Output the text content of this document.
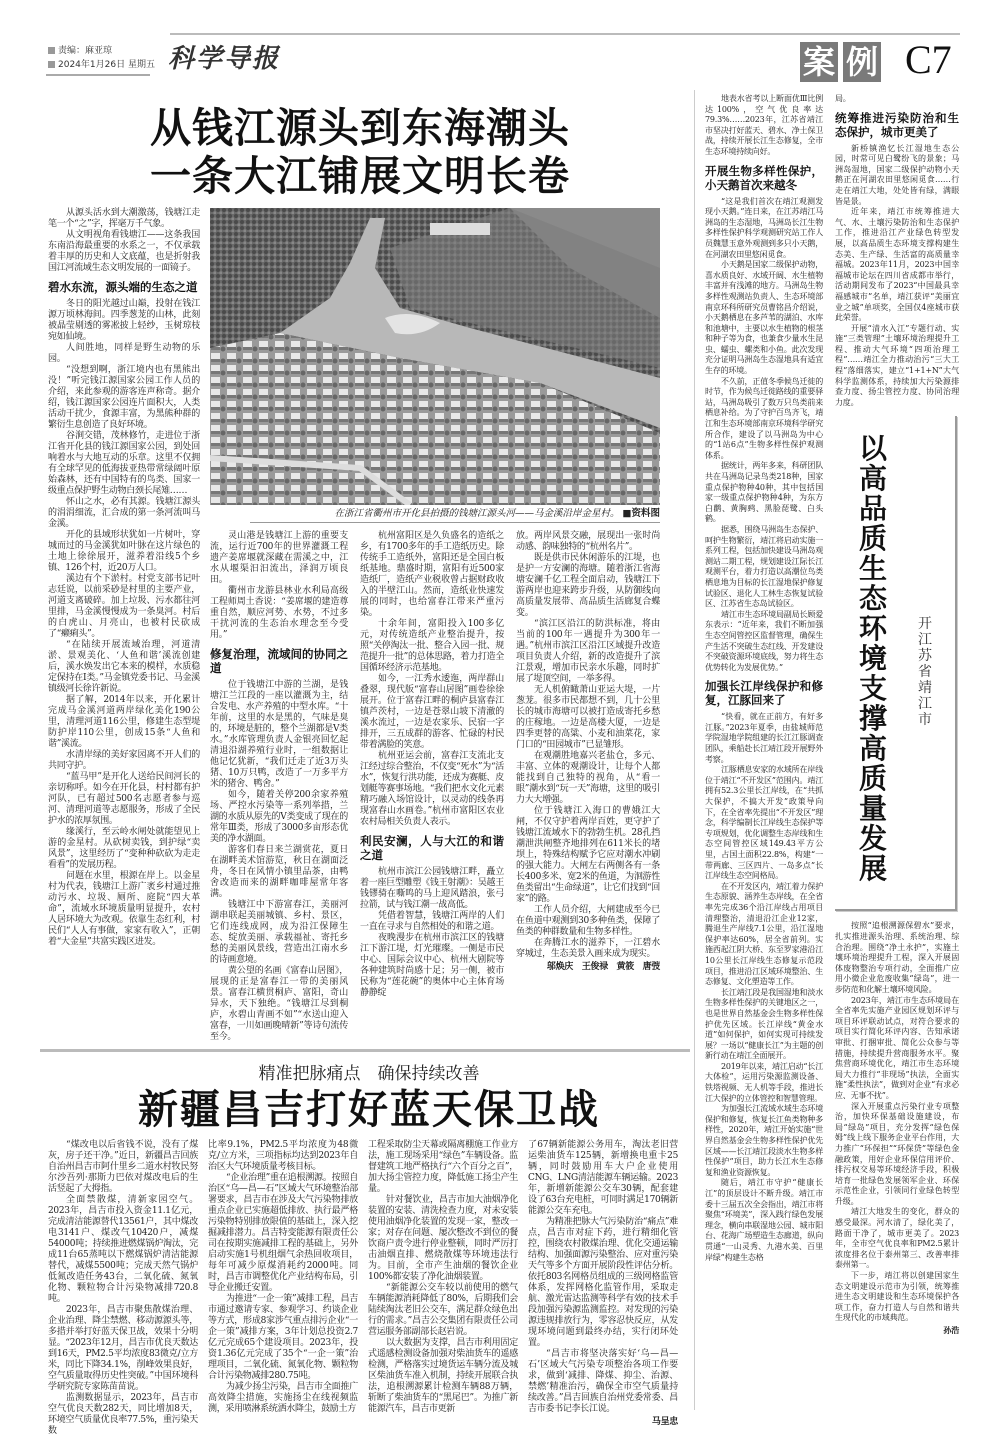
责编：麻亚琼
2024年1月26日 星期五 科学导报	案 例 C7
从钱江源头到东海潮头
一条大江铺展文明长卷

从源头活水到大潮激荡，钱塘江走笔一个“之”字，挥毫万千气象。

从文明视角看钱塘江——这条我国东南沿海最重要的水系之一，不仅承载着丰厚的历史和人文底蕴，也是折射我国江河流域生态文明发展的一面镜子。

碧水东流，源头端的生态之道

冬日的阳光越过山巅，投射在钱江源万顷林海间。四季葱茏的山林，此刻被晶莹剔透的雾凇披上轻纱，玉树琼枝宛如仙境。

人间胜地，同样是野生动物的乐园。

“没想到啊，浙江境内也有黑熊出没！”听完钱江源国家公园工作人员的介绍，来此参观的游客连声称奇。据介绍，钱江源国家公园连片面积大，人类活动干扰少，食源丰富，为黑熊种群的繁衍生息创造了良好环境。

谷涧交错，茂林修竹，走进位于浙江省开化县的钱江源国家公园，到处回响着水与大地互动的乐章。这里不仅拥有全球罕见的低海拔亚热带常绿阔叶原始森林，还有中国特有的鸟类、国家一级重点保护野生动物白颈长尾雉……

怀山之水，必有其源。钱塘江源头的涓涓细流，汇合成的第一条河流叫马金溪。

开化的县域形状犹如一片树叶，穿城而过的马金溪犹如叶脉在这片绿色的土地上徐徐展开，滋养着沿线5个乡镇、126个村，近20万人口。

溪边有个下淤村。村党支部书记叶志廷说，以前采砂是村里的主要产业，河道支离破碎。加上垃圾、污水都往河里排，马金溪慢慢成为一条臭河。村后的白虎山、月亮山，也被村民砍成了“癞痢头”。

“在陆续开展流域治理，河道清淤、景观美化、‘人鱼和谐’溪流创建后，溪水焕发出它本来的模样，水质稳定保持在Ⅰ类。”马金镇党委书记、马金溪镇级河长徐许新说。

据了解，2014年以来，开化累计完成马金溪河道两岸绿化美化190公里，清理河道116公里，修建生态型堤防护岸110公里，创成15条“人鱼和谐”溪流。

水清岸绿的美好家园离不开人们的共同守护。

“蓝马甲”是开化人送给民间河长的亲切称呼。如今在开化县，村村都有护河队，已有超过500名志愿者参与巡河、清理河道等志愿服务，形成了全民护水的浓厚氛围。

缘溪行，至云岭水闸处就能望见上游的金星村。从砍树卖钱，到护绿“卖风景”，这里经历了“变种种砍砍为走走看看”的发展历程。

问题在水里，根源在岸上。以金星村为代表，钱塘江上游广袤乡村通过推动污水、垃圾、厕所、庭院“四大革命”，流域水环境质量明显提升，农村人居环境大为改观。依靠生态红利，村民们“人人有事做，家家有收入”，正朝着“大金星”共富实践区进发。

在浙江省衢州市开化县拍摄的钱塘江源头河——马金溪沿岸金星村。 ■资料图

灵山港是钱塘江上游的重要支流，运行近700年的世界灌溉工程遗产姜席堰就深藏在需溪之中，江水从堰渠汩汩流出，泽润万顷良田。

衢州市龙游县林业水利局高级工程师周土香说：“姜席堰的建造尊重自然，顺应河势、水势，不过多干扰河流的生态治水理念至今受用。”

修复治理，流域间的协同之道

位于钱塘江中游的兰湖，是钱塘江兰江段的一座以灌溉为主，结合发电、水产养殖的中型水库。“十年前，这里的水是黑的，气味是臭的，环境是脏的，整个兰湖都是Ⅴ类水。”水库管理负责人金银亮回忆起清退沿湖养殖行业时，一组数据让他记忆犹新，“我们迁走了近3万头猪、10万只鸭，改造了一万多平方米的猪舍、鸭舍。”

如今，随着关停200余家养殖场、严控水污染等一系列举措，兰湖的水质从原先的Ⅴ类变成了现在的常年Ⅲ类，形成了3000多亩形态优美的净水湖面。

游客们春日来兰湖赏花，夏日在湖畔美术馆游览，秋日在湖面泛舟，冬日在风情小镇里品茶，由鸭舍改造而来的湖畔咖啡屋常年客满。

钱塘江中下游富春江，美丽河湖串联起美丽城镇、乡村、景区，它们连线成网，成为沿江保障生态、绽放美丽、承载福祉、寄托乡愁的美丽风景线，营造出江南水乡的诗画意境。

黄公望的名画《富春山居图》，展现的正是富春江一带的美丽风景。富春江横贯桐庐、富阳，奇山异水，天下独绝。“钱塘江尽到桐庐，水碧山青画不如”“水送山迎入富春，一川如画晚晴新”等诗句流传至今。

杭州富阳区是久负盛名的造纸之乡，有1700多年的手工造纸历史。除传统手工造纸外，富阳还是全国白板纸基地。鼎盛时期，富阳有近500家造纸厂，造纸产业税收曾占据财政收入的半壁江山。然而，造纸业快速发展的同时，也给富春江带来严重污染。

十余年间，富阳投入100多亿元，对传统造纸产业整治提升，按照“关停淘汰一批、整合入园一批、规范提升一批”的总体思路，着力打造全国循环经济示范基地。

如今，一江秀水逶迤，两岸群山叠翠，现代版“富春山居图”画卷徐徐展开。位于富春江畔的桐庐县富春江镇芦茨村，一边是苍翠山坡下清澈的溪水流过，一边是农家乐、民宿一字排开，三五成群的游客、忙碌的村民带着满脸的笑意。

杭州亚运会前，富春江支流北支江经过综合整治，不仅变“死水”为“活水”，恢复行洪功能，还成为赛艇、皮划艇等赛事场地。“我们把水文化元素精巧融入场馆设计，以灵动的线条再现富春山水画卷。”杭州市富阳区农业农村局相关负责人表示。

利民安澜，人与大江的和谐之道

杭州市滨江公园钱塘江畔，矗立着一座巨型雕塑《钱王射潮》：吴越王钱镠骑在嘶鸣的马上迎风踏浪，张弓拉箭，试与钱江潮一战高低。

凭借着智慧，钱塘江两岸的人们一直在寻求与自然相处的和谐之道。

夜晚漫步在杭州市滨江区的钱塘江下游江堤，灯光璀璨。一侧是市民中心、国际会议中心、杭州大剧院等各种建筑时尚感十足；另一侧，被市民称为“莲花碗”的奥体中心主体育场静静绽

放。两岸风景交融，展现出一张时尚动感、韵味独特的“杭州名片”。

既是供市民休闲游乐的江堤，也是护一方安澜的海塘。随着浙江省海塘安澜千亿工程全面启动，钱塘江下游两岸也迎来跨步升级，从防御线向高质量发展带、高品质生活廊复合蝶变。

“滨江区沿江的防洪标准，将由当前的100年一遇提升为300年一遇。”杭州市滨江区沿江区域提升改造项目负责人介绍，新的改造提升了滨江景观，增加市民亲水乐趣，同时扩展了堤顶空间，一举多得。

无人机俯瞰萧山亚运大堤，一片葱茏。很多市民都想不到，几十公里长的城市海塘可以被打造成寄托乡愁的庄稼地。一边是高楼大厦，一边是四季更替的高粱、小麦和油菜花，家门口的“田园城市”已显雏形。

在观潮胜地嘉兴老盐仓，多元、丰富、立体的观潮设计，让每个人都能找到自己独特的视角，从“看一眼”潮水到“玩一天”海塘，这里的吸引力大大增强。

位于钱塘江入海口的曹娥江大闸，不仅守护着两岸百姓，更守护了钱塘江流域水下的勃勃生机。28孔挡潮泄洪闸整齐地排列在611米长的堵坝上，特殊结构赋予它应对潮水冲刷的强大能力。大闸左右两侧各有一条长400多米、宽2米的鱼道，为洄游性鱼类留出“生命绿道”，让它们找到“回家”的路。

工作人员介绍，大闸建成至今已在鱼道中观测到30多种鱼类，保障了鱼类的种群数量和生物多样性。

在奔腾江水的滋养下，一江碧水穿城过，生态美景入画来成为现实。

邬焕庆　王俊禄　黄筱　唐弢

精准把脉痛点　确保持续改善
新疆昌吉打好蓝天保卫战

“煤改电以后省钱不说，没有了煤灰，房子还干净。”近日，新疆昌吉回族自治州昌吉市阿什里乡二道水村牧民努尔沙吾列·那斯力巴依对煤改电后的生活竖起了大拇指。

全面禁散煤，清新家园空气。2023年，昌吉市投入资金11.1亿元，完成清洁能源替代13561户，其中煤改电3141户、煤改气10420户，减煤54000吨；持续推进燃煤锅炉淘汰，完成11台65蒸吨以下燃煤锅炉清洁能源替代，减煤5500吨；完成天然气锅炉低氮改造任务43台，二氧化硫、氮氧化物、颗粒物合计污染物减排720.8吨。

2023年，昌吉市聚焦散煤治理、企业治理、降尘禁燃、移动源源头等，多措并举打好蓝天保卫战，效果十分明显。“2023年12月，昌吉市优良天数达到16天，PM2.5平均浓度83微克/立方米，同比下降34.1%，削峰效果良好，空气质量取得历史性突破。”中国环境科学研究院专家陈苗苗说。

监测数据显示，2023年，昌吉市空气优良天数282天，同比增加8天，环境空气质量优良率77.5%，重污染天数

比率9.1%，PM2.5平均浓度为48微克/立方米，三项指标均达到2023年自治区大气环境质量考核目标。

“企业治理”重在追根溯源。按照自治区“乌—昌—石”区域大气环境整治部署要求，昌吉市在涉及大气污染物排放重点企业已实施超低排放、执行最严格污染物特别排放限值的基础上，深入挖掘减排潜力。昌吉特变能源有限责任公司在按期实施减排工程的基础上，另外启动实施1号机组烟气余热回收项目，每年可减少原煤消耗约2000吨。同时，昌吉市调整优化产业结构布局，引导企业搬迁安置。

为推进“一企一策”减排工程，昌吉市通过邀请专家、参观学习、约谈企业等方式，形成8家涉气重点排污企业“一企一策”减排方案，3年计划总投资2.7亿元完成65个建设项目。2023年，投资1.36亿元完成了35个“一企一策”治理项目，二氧化硫、氮氧化物、颗粒物合计污染物减排280.75吨。

为减少扬尘污染，昌吉市全面推广高效降尘措施，实施扬尘在线视频监测，采用喷淋系统洒水降尘，鼓励土方

工程采取防尘天幕或隔离棚施工作业方法，施工现场采用“绿色”车辆设备。监督建筑工地严格执行“六个百分之百”，加大扬尘管控力度，降低施工扬尘产生量。

针对餐饮业，昌吉市加大油烟净化装置的安装、清洗检查力度，对未安装使用油烟净化装置的发现一家，整改一家；对存在问题、屡次整改不到位的餐饮商户责令进行停业整顿，同时严厉打击油烟直排、燃烧散煤等环境违法行为。目前，全市产生油烟的餐饮企业100%都安装了净化油烟装置。

“新能源公交车较以前使用的燃气车辆能源消耗降低了80%，后期我们会陆续淘汰老旧公交车，满足群众绿色出行的需求。”昌吉公交集团有限责任公司营运服务部副部长赵岩说。

以大数据为支撑，昌吉市利用固定式遥感检测设备加强对柴油货车的遥感检测，严格落实过境货运车辆分流及城区柴油货车准入机制，持续开展联合执法，追根溯源累计检测车辆88万辆，斩断了柴油货车的“黑尾巴”。为推广新能源汽车，昌吉市更新

了67辆新能源公务用车，淘汰老旧营运柴油货车125辆，新增换电重卡25辆，同时鼓励用车大户企业使用CNG、LNG清洁能源车辆运输。2023年，新增新能源公交车30辆，配套建设了63台充电桩，可同时满足170辆新能源公交车充电。

为精准把脉大气污染防治“痛点”难点，昌吉市对症下药，进行精细化管控，围绕农村散煤治理、优化交通运输结构、加强面源污染整治、应对重污染天气等多个方面开展阶段性评估分析。依托803名网格员组成的三级网格监管体系，发挥网格化监管作用，采取走航、激光雷达监测等科学有效的技术手段加强污染源监测监控。对发现的污染源违规排放行为，零容忍快反应，从发现环境问题到最终办结，实行闭环处置。

“昌吉市将坚决落实好‘乌—昌—石’区域大气污染专项整治各项工作要求，做到‘减排、降煤、抑尘、治源、禁燃’精准治污，确保全市空气质量持续改善。”昌吉回族自治州党委常委、昌吉市委书记李长江说。

马呈忠

地表水省考以上断面优Ⅲ比例达100%，空气优良率达79.3%……2023年，江苏省靖江市坚决打好蓝天、碧水、净土保卫战，持续开展长江生态修复，全市生态环境持续向好。

开展生物多样性保护，小天鹅首次来越冬

“这是我们首次在靖江观测发现小天鹅。”连日来，在江苏靖江马洲岛的生态湿地，马洲岛长江生物多样性保护科学观测研究站工作人员魏慧玉意外观测到多只小天鹅，在河湖农田里悠闲觅食。

小天鹅是国家二级保护动物，喜水质良好、水域开阔、水生植物丰富并有浅滩的地方。马洲岛生物多样性观测站负责人、生态环境部南京环科所研究员曹铭昌介绍说，小天鹅栖息在多芦苇的湖泊、水库和池塘中，主要以水生植物的根茎和种子等为食，也兼食少量水生昆虫、蠕虫、螺类和小鱼。此次发现充分证明马洲岛生态湿地具有适宜生存的环境。

不久前，正值冬季候鸟迁徙的时节，作为候鸟迁徙路线的重要驿站，马洲岛吸引了数万只鸟类前来栖息补给。为了守护百鸟齐飞，靖江和生态环境部南京环境科学研究所合作，建设了以马洲岛为中心的“1站6点”生物多样性保护观测体系。

据统计，两年多来，科研团队共在马洲岛记录鸟类218种，国家重点保护物种40种，其中包括国家一级重点保护物种4种，为东方白鹳、黄胸鹀、黑脸琵鹭、白头鹤。

据悉，围绕马洲岛生态保护、呵护生物繁衍，靖江将启动实施一系列工程，包括加快建设马洲岛观测站二期工程，规划建设江际长江观测平台，着力打造以高潮位鸟类栖息地为目标的长江湿地保护修复试验区、退化人工林生态恢复试验区、江苏省生态岛试验区。

靖江市生态环境局副局长顾爱东表示：“近年来，我们不断加强生态空间管控区监督管理，确保生产生活不突破生态红线、开发建设不突破资源环境底线，努力将生态优势转化为发展优势。”

加强长江岸线保护和修复，江豚回来了

“快看，就在正前方，有好多江豚。”2023年夏季，由盐城师范学院湿地学院组建的长江江豚调查团队，乘船赴长江靖江段开展野外考察。

江豚栖息安家的水域所在岸线位于靖江“不开发区”范围内。靖江拥有52.3公里长江岸线，在“共抓大保护，不搞大开发”政策导向下，在全省率先提出“不开发区”理念，科学编制长江岸线生态保护等专项规划，优化调整生态岸线和生态空间管控区域149.43平方公里，占国土面积22.8%，构建“一带两廊、三区四片、一岛多点”长江岸线生态空间格局。

在不开发区内，靖江着力保护生态原貌、涵养生态岸线，在全省率先完成36个沿江岸线占用项目清理整治，清退沿江企业12家，腾退生产岸线7.1公里，沿江湿地保护率达60%，居全省前列。实施西起江阴大桥、东至罗家港沿江10公里长江岸线生态修复示范段项目，推进沿江区域环境整治、生态修复、文化塑造等工作。

长江靖江段是我国湿地和淡水生物多样性保护的关键地区之一，也是世界自然基金会生物多样性保护优先区域。长江岸线“黄金水道”如何保护，如何实现可持续发展？一场以“健康长江”为主题的创新行动在靖江全面展开。

2019年以来，靖江启动“长江大体检”，运用污染源监测设备、铁塔视频、无人机等手段，推进长江大保护的立体管控和智慧管理。

为加强长江流域水域生态环境保护和修复，恢复长江鱼类物种多样性，2020年，靖江开始实施“世界自然基金会生物多样性保护优先区域——长江靖江段淡水生物多样性保护”项目，助力长江水生态修复和渔业资源恢复。

随后，靖江市守护“健康长江”的顶层设计不断升级。靖江市委十三届五次全会指出，靖江市将聚焦“环境美”，深入践行绿色发展理念，横向串联湿地公园、城市阳台、花海广场塑造生态廊道，纵向贯通“一山灵秀、九港水美、百里岸绿”构建生态格

局。

统筹推进污染防治和生态保护，城市更美了

新桥镇渔忆长江湿地生态公园，时常可见白鹭纷飞的景象；马洲岛湿地，国家二级保护动物小天鹅正在河湖农田里悠闲觅食……行走在靖江大地，处处皆有绿，满眼皆是景。

近年来，靖江市统筹推进大气、水、土壤污染防治和生态保护工作，推进沿江产业绿色转型发展，以高品质生态环境支撑构建生态美、生产绿、生活富的高质量幸福城。2023年11月，2023中国幸福城市论坛在四川省成都市举行，活动期间发布了2023“中国最具幸福感城市”名单，靖江获评“美丽宜业之城”单项奖，全国仅4座城市获此荣誉。

开展“清水入江”专题行动、实施“三类管理”土壤环境治理提升工程、推动大气环境“四项治理工程”……靖江全力推动治污“三大工程”落细落实，建立“1+1+N”大气科学监测体系，持续加大污染源排查力度、扬尘管控力度、协同治理力度。

以高品质生态环境支撑高质量发展
开江苏省靖江市

按照“追根溯源保碧水”要求，扎实推进源头治理、系统治理、综合治理。围绕“净土永护”，实施土壤环境治理提升工程，深入开展固体废物整治专项行动，全面推广应用小微企业危废收集“绿岛”，进一步防范和化解土壤环境风险。

2023年，靖江市生态环境局在全省率先实施产业园区规划环评与项目环评联动试点，对符合要求的项目实行简化环评内容、告知承诺审批、打捆审批、简化公众参与等措施，持续提升营商服务水平。聚焦营商环境优化，靖江市生态环境局大力推行“非现场”执法，全面实施“柔性执法”，做到对企业“有求必应、无事不扰”。

深入开展重点污染行业专项整治，加快环保基础设施建设，布局“绿岛”项目，充分发挥“绿色保姆”线上线下服务企业平台作用，大力推广“环保担”“环保贷”等绿色金融政策，用好企业环保信用评价、排污权交易等环境经济手段，积极培育一批绿色发展领军企业、环保示范性企业，引领同行业绿色转型升级。

靖江大地发生的变化，群众的感受最深。河水清了，绿化美了，路面干净了，城市更美了。2023年，全市空气优良率和PM2.5累计浓度排名位于泰州第三、改善率排泰州第一。

下一步，靖江将以创建国家生态文明建设示范市为引领，统筹推进生态文明建设和生态环境保护各项工作，奋力打造人与自然和谐共生现代化的市域典范。

孙浩
